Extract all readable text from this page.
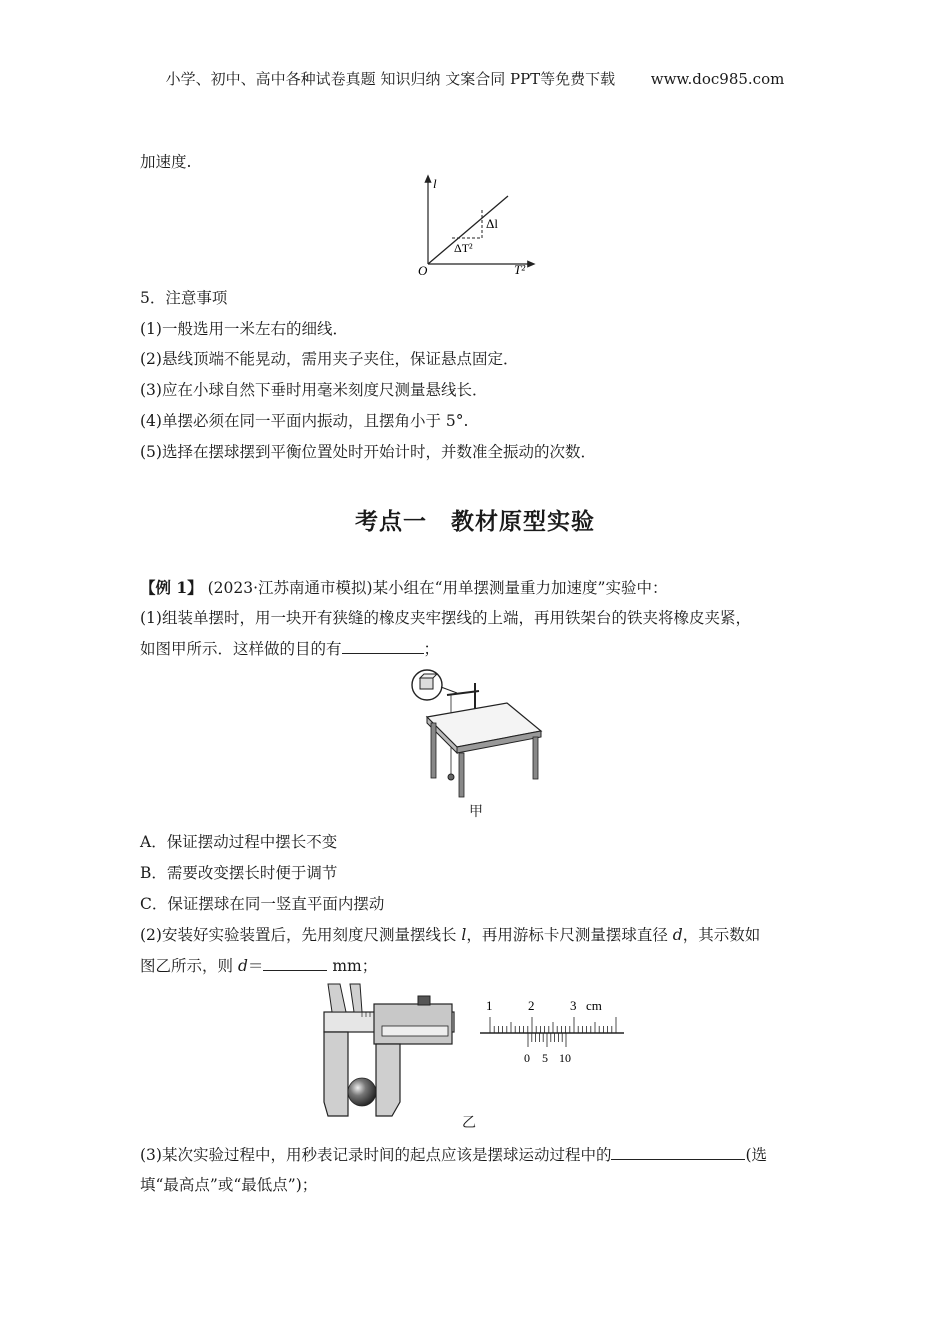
小学、初中、高中各种试卷真题 知识归纳 文案合同 PPT等免费下载 www.doc985.com
加速度.
l
T²
O
Δl
ΔT²
5．注意事项
(1)一般选用一米左右的细线．
(2)悬线顶端不能晃动，需用夹子夹住，保证悬点固定．
(3)应在小球自然下垂时用毫米刻度尺测量悬线长．
(4)单摆必须在同一平面内振动，且摆角小于 5°.
(5)选择在摆球摆到平衡位置处时开始计时，并数准全振动的次数．
考点一　教材原型实验
【例 1】 (2023·江苏南通市模拟)某小组在“用单摆测量重力加速度”实验中：
(1)组装单摆时，用一块开有狭缝的橡皮夹牢摆线的上端，再用铁架台的铁夹将橡皮夹紧，
如图甲所示．这样做的目的有	；
甲
A．保证摆动过程中摆长不变
B．需要改变摆长时便于调节
C．保证摆球在同一竖直平面内摆动
(2)安装好实验装置后，先用刻度尺测量摆线长 l，再用游标卡尺测量摆球直径 d，其示数如
图乙所示，则 d＝	mm；
1	2	3 cm
0 5 10
乙
(3)某次实验过程中，用秒表记录时间的起点应该是摆球运动过程中的	(选
填“最高点”或“最低点”)；
